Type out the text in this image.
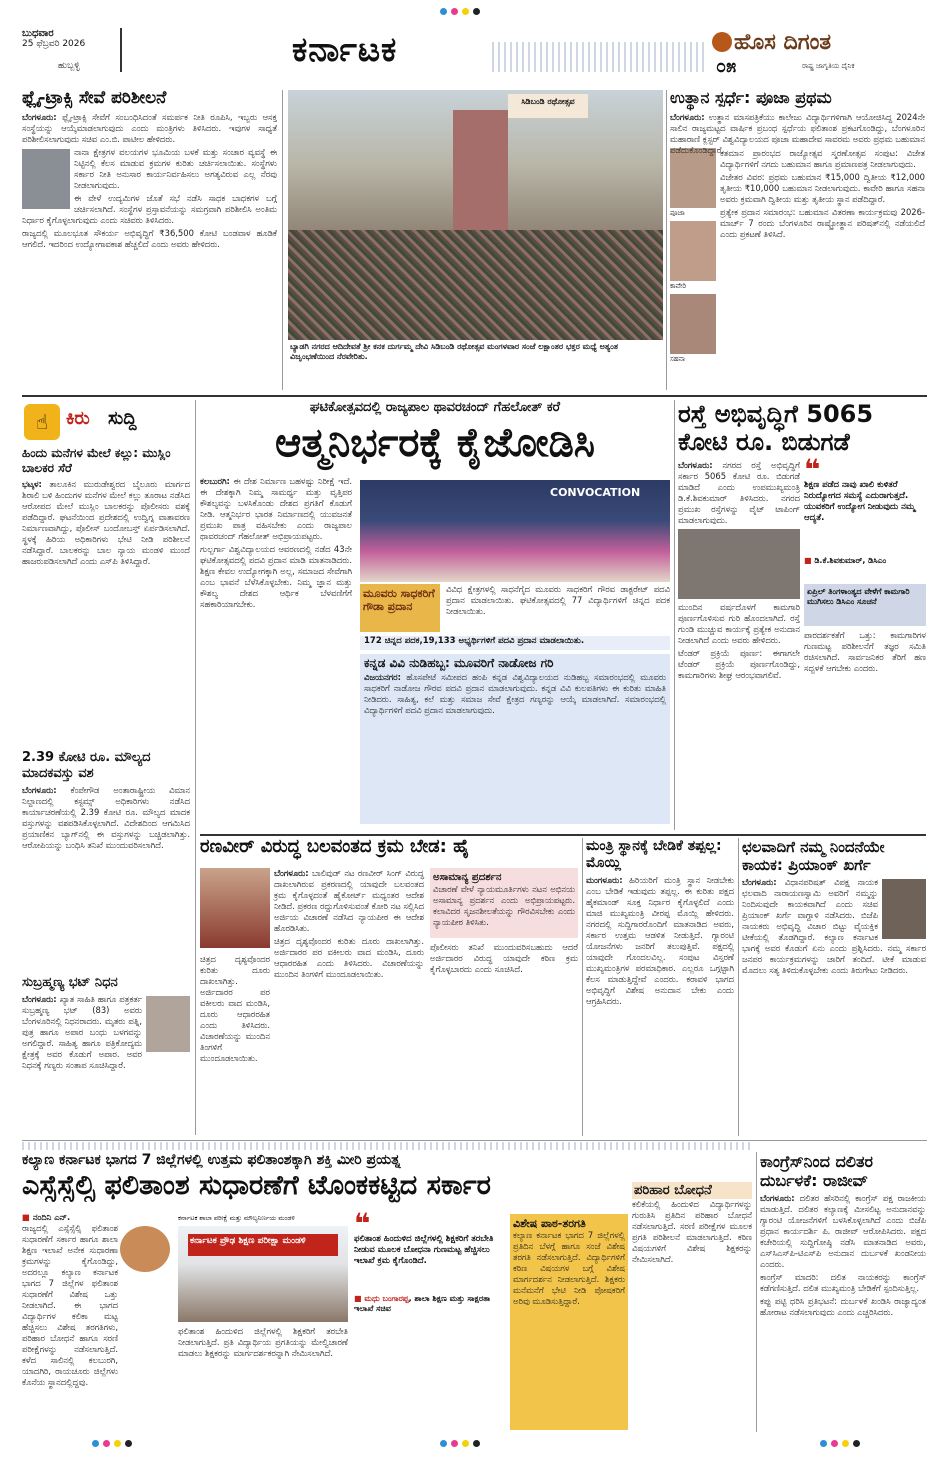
ಬುಧವಾರ
25 ಫೆಬ್ರವರಿ 2026
ಹುಬ್ಬಳ್ಳಿ	ಕರ್ನಾಟಕ	ಹೊಸ ದಿಗಂತ
೦೫	ರಾಷ್ಟ್ರ ಜಾಗೃತಿಯ ದೈನಿಕ
ಫ್ಲೈ-ಟ್ರಾಕ್ಸಿ ಸೇವೆ ಪರಿಶೀಲನೆ

ಬೆಂಗಳೂರು: ಫ್ಲೈ-ಟ್ರಾಕ್ಸಿ ಸೇವೆಗೆ ಸಂಬಂಧಿಸಿದಂತೆ ಸಮರ್ಪಕ ನೀತಿ ರೂಪಿಸಿ, ಇಬ್ಬರು ಆಸಕ್ತ ಸಂಸ್ಥೆಯನ್ನು ಆಯ್ಕೆಮಾಡಲಾಗುವುದು ಎಂದು ಮಂತ್ರಿಗಳು ತಿಳಿಸಿದರು. ಇವುಗಳ ಸಾಧ್ಯತೆ ಪರಿಶೀಲಿಸಲಾಗುವುದು ಸಚಿವ ಎಂ.ಬಿ. ಪಾಟೀಲ ಹೇಳಿದರು.

ನಾನಾ ಕ್ಷೇತ್ರಗಳ ವಲಯಗಳ ಭೂಮಿಯ ಬಳಕೆ ಮತ್ತು ಸಂಚಾರ ವ್ಯವಸ್ಥೆ ಈ ನಿಟ್ಟಿನಲ್ಲಿ ಕೆಲಸ ಮಾಡುವ ಕ್ರಮಗಳ ಕುರಿತು ಚರ್ಚಿಸಲಾಯಿತು. ಸಂಸ್ಥೆಗಳು ಸರ್ಕಾರ ನೀತಿ ಅನುಸಾರ ಕಾರ್ಯನಿರ್ವಹಿಸಲು ಅಗತ್ಯವಿರುವ ಎಲ್ಲ ನೆರವು ನೀಡಲಾಗುವುದು.

ಈ ವೇಳೆ ಉದ್ಯಮಿಗಳ ಜೊತೆ ಸಭೆ ನಡೆಸಿ ಸಾಧಕ ಬಾಧಕಗಳ ಬಗ್ಗೆ ಚರ್ಚಿಸಲಾಗಿದೆ. ಸಂಸ್ಥೆಗಳ ಪ್ರಸ್ತಾವನೆಯನ್ನು ಸಮಗ್ರವಾಗಿ ಪರಿಶೀಲಿಸಿ ಅಂತಿಮ ನಿರ್ಧಾರ ಕೈಗೊಳ್ಳಲಾಗುವುದು ಎಂದು ಸಚಿವರು ತಿಳಿಸಿದರು.

ರಾಜ್ಯದಲ್ಲಿ ಮೂಲಭೂತ ಸೌಕರ್ಯ ಅಭಿವೃದ್ಧಿಗೆ ₹36,500 ಕೋಟಿ ಬಂಡವಾಳ ಹೂಡಿಕೆ ಆಗಲಿದೆ. ಇದರಿಂದ ಉದ್ಯೋಗಾವಕಾಶ ಹೆಚ್ಚಲಿದೆ ಎಂದು ಅವರು ಹೇಳಿದರು.

ಸಿಡಿಬಂಡಿ ರಥೋತ್ಸವ
ಬ್ಯಾಡಗಿ ನಗರದ ಆದಿದೇವತೆ ಶ್ರೀ ಕನಕ ದುರ್ಗಮ್ಮ ದೇವಿ ಸಿಡಿಬಂಡಿ ರಥೋತ್ಸವ ಮಂಗಳವಾರ ಸಂಜೆ ಲಕ್ಷಾಂತರ ಭಕ್ತರ ಮಧ್ಯೆ ಅತ್ಯಂತ ವಿಜೃಂಭಣೆಯಿಂದ ನೆರವೇರಿತು.
ಉತ್ಥಾನ ಸ್ಪರ್ಧೆ: ಪೂಜಾ ಪ್ರಥಮ
ಪೂಜಾ
ಕಾವೇರಿ
ಸಹನಾ

ಬೆಂಗಳೂರು: ಉತ್ಥಾನ ಮಾಸಪತ್ರಿಕೆಯು ಕಾಲೇಜು ವಿದ್ಯಾರ್ಥಿಗಳಿಗಾಗಿ ಆಯೋಜಿಸಿದ್ದ 2024ನೇ ಸಾಲಿನ ರಾಜ್ಯಮಟ್ಟದ ವಾರ್ಷಿಕ ಪ್ರಬಂಧ ಸ್ಪರ್ಧೆಯ ಫಲಿತಾಂಶ ಪ್ರಕಟಗೊಂಡಿದ್ದು, ಬೆಂಗಳೂರಿನ ಮಹಾರಾಣಿ ಕ್ಲಸ್ಟರ್ ವಿಶ್ವವಿದ್ಯಾಲಯದ ಪೂಜಾ ಮಹಾದೇವ ಸಾವರಮ ಅವರು ಪ್ರಥಮ ಬಹುಮಾನ ಪಡೆದುಕೊಂಡಿದ್ದಾರೆ.

ಕತಮಾನ ಪ್ರಾರಂಭದ ರಾಜ್ಯೋತ್ಸವ ಸ್ಮರಣೋತ್ಸವ ಸಂಪುಟ: ವಿಜೇತ ವಿದ್ಯಾರ್ಥಿಗಳಿಗೆ ನಗದು ಬಹುಮಾನ ಹಾಗೂ ಪ್ರಮಾಣಪತ್ರ ನೀಡಲಾಗುವುದು.

ವಿಜೇತರ ವಿವರ: ಪ್ರಥಮ ಬಹುಮಾನ ₹15,000 ದ್ವಿತೀಯ ₹12,000 ತೃತೀಯ ₹10,000 ಬಹುಮಾನ ನೀಡಲಾಗುವುದು. ಕಾವೇರಿ ಹಾಗೂ ಸಹನಾ ಅವರು ಕ್ರಮವಾಗಿ ದ್ವಿತೀಯ ಮತ್ತು ತೃತೀಯ ಸ್ಥಾನ ಪಡೆದಿದ್ದಾರೆ.

ಪ್ರತ್ಯೇಕ ಪ್ರದಾನ ಸಮಾರಂಭ: ಬಹುಮಾನ ವಿತರಣಾ ಕಾರ್ಯಕ್ರಮವು 2026-ಮಾರ್ಚ್ 7 ರಂದು ಬೆಂಗಳೂರಿನ ರಾಷ್ಟ್ರೋತ್ಥಾನ ಪರಿಷತ್‌ನಲ್ಲಿ ನಡೆಯಲಿದೆ ಎಂದು ಪ್ರಕಟಣೆ ತಿಳಿಸಿದೆ.

☝ ಕಿರು ಸುದ್ದಿ
ಹಿಂದು ಮನೆಗಳ ಮೇಲೆ ಕಲ್ಲು: ಮುಸ್ಲಿಂ ಬಾಲಕರ ಸೆರೆ
ಭಟ್ಕಳ: ತಾಲೂಕಿನ ಮುರುಡೇಶ್ವರದ ಬೈಲೂರು ಮಾರ್ಗದ ಶಿರಾಲಿ ಬಳಿ ಹಿಂದುಗಳ ಮನೆಗಳ ಮೇಲೆ ಕಲ್ಲು ತೂರಾಟ ನಡೆಸಿದ ಆರೋಪದ ಮೇಲೆ ಮುಸ್ಲಿಂ ಬಾಲಕರನ್ನು ಪೊಲೀಸರು ವಶಕ್ಕೆ ಪಡೆದಿದ್ದಾರೆ. ಘಟನೆಯಿಂದ ಪ್ರದೇಶದಲ್ಲಿ ಉದ್ವಿಗ್ನ ವಾತಾವರಣ ನಿರ್ಮಾಣವಾಗಿದ್ದು, ಪೊಲೀಸ್ ಬಂದೋಬಸ್ತ್ ಏರ್ಪಡಿಸಲಾಗಿದೆ. ಸ್ಥಳಕ್ಕೆ ಹಿರಿಯ ಅಧಿಕಾರಿಗಳು ಭೇಟಿ ನೀಡಿ ಪರಿಶೀಲನೆ ನಡೆಸಿದ್ದಾರೆ. ಬಾಲಕರನ್ನು ಬಾಲ ನ್ಯಾಯ ಮಂಡಳಿ ಮುಂದೆ ಹಾಜರುಪಡಿಸಲಾಗಿದೆ ಎಂದು ಎಸ್‌ಪಿ ತಿಳಿಸಿದ್ದಾರೆ.
2.39 ಕೋಟಿ ರೂ. ಮೌಲ್ಯದ ಮಾದಕವಸ್ತು ವಶ
ಬೆಂಗಳೂರು: ಕೆಂಪೇಗೌಡ ಅಂತಾರಾಷ್ಟ್ರೀಯ ವಿಮಾನ ನಿಲ್ದಾಣದಲ್ಲಿ ಕಸ್ಟಮ್ಸ್ ಅಧಿಕಾರಿಗಳು ನಡೆಸಿದ ಕಾರ್ಯಾಚರಣೆಯಲ್ಲಿ 2.39 ಕೋಟಿ ರೂ. ಮೌಲ್ಯದ ಮಾದಕ ವಸ್ತುಗಳನ್ನು ವಶಪಡಿಸಿಕೊಳ್ಳಲಾಗಿದೆ. ವಿದೇಶದಿಂದ ಆಗಮಿಸಿದ ಪ್ರಯಾಣಿಕನ ಬ್ಯಾಗ್‌ನಲ್ಲಿ ಈ ವಸ್ತುಗಳನ್ನು ಬಚ್ಚಿಡಲಾಗಿತ್ತು. ಆರೋಪಿಯನ್ನು ಬಂಧಿಸಿ ತನಿಖೆ ಮುಂದುವರಿಸಲಾಗಿದೆ.
ಸುಬ್ರಹ್ಮಣ್ಯ ಭಟ್ ನಿಧನ
ಬೆಂಗಳೂರು: ಖ್ಯಾತ ಸಾಹಿತಿ ಹಾಗೂ ಪತ್ರಕರ್ತ ಸುಬ್ರಹ್ಮಣ್ಯ ಭಟ್ (83) ಅವರು ಬೆಂಗಳೂರಿನಲ್ಲಿ ನಿಧನರಾದರು. ಮೃತರು ಪತ್ನಿ, ಪುತ್ರ ಹಾಗೂ ಅಪಾರ ಬಂಧು ಬಳಗವನ್ನು ಅಗಲಿದ್ದಾರೆ. ಸಾಹಿತ್ಯ ಹಾಗೂ ಪತ್ರಿಕೋದ್ಯಮ ಕ್ಷೇತ್ರಕ್ಕೆ ಅವರ ಕೊಡುಗೆ ಅಪಾರ. ಅವರ ನಿಧನಕ್ಕೆ ಗಣ್ಯರು ಸಂತಾಪ ಸೂಚಿಸಿದ್ದಾರೆ.
ಘಟಿಕೋತ್ಸವದಲ್ಲಿ ರಾಜ್ಯಪಾಲ ಥಾವರಚಂದ್ ಗೆಹಲೋತ್ ಕರೆ
ಆತ್ಮನಿರ್ಭರಕ್ಕೆ ಕೈಜೋಡಿಸಿ

ಕಲಬುರಗಿ: ಈ ದೇಶ ನಿರ್ಮಾಣ ಬಹಳಷ್ಟು ನಿರೀಕ್ಷೆ ಇದೆ. ಈ ದೇಶಕ್ಕಾಗಿ ನಿಮ್ಮ ಸಾಮರ್ಥ್ಯ ಮತ್ತು ವೃತ್ತಿಪರ ಕೌಶಲ್ಯವನ್ನು ಬಳಸಿಕೊಂಡು ದೇಶದ ಪ್ರಗತಿಗೆ ಕೊಡುಗೆ ನೀಡಿ. ಆತ್ಮನಿರ್ಭರ ಭಾರತ ನಿರ್ಮಾಣದಲ್ಲಿ ಯುವಜನತೆ ಪ್ರಮುಖ ಪಾತ್ರ ವಹಿಸಬೇಕು ಎಂದು ರಾಜ್ಯಪಾಲ ಥಾವರಚಂದ್ ಗೆಹಲೋತ್ ಅಭಿಪ್ರಾಯಪಟ್ಟರು.

ಗುಲ್ಬರ್ಗಾ ವಿಶ್ವವಿದ್ಯಾಲಯದ ಆವರಣದಲ್ಲಿ ನಡೆದ 43ನೇ ಘಟಿಕೋತ್ಸವದಲ್ಲಿ ಪದವಿ ಪ್ರದಾನ ಮಾಡಿ ಮಾತನಾಡಿದರು. ಶಿಕ್ಷಣ ಕೇವಲ ಉದ್ಯೋಗಕ್ಕಾಗಿ ಅಲ್ಲ, ಸಮಾಜದ ಸೇವೆಗಾಗಿ ಎಂಬ ಭಾವನೆ ಬೆಳೆಸಿಕೊಳ್ಳಬೇಕು. ನಿಮ್ಮ ಜ್ಞಾನ ಮತ್ತು ಕೌಶಲ್ಯ ದೇಶದ ಆರ್ಥಿಕ ಬೆಳವಣಿಗೆಗೆ ಸಹಕಾರಿಯಾಗಬೇಕು.

CONVOCATION
ಮೂವರು ಸಾಧಕರಿಗೆ ಗೌಡಾ ಪ್ರದಾನ
ವಿವಿಧ ಕ್ಷೇತ್ರಗಳಲ್ಲಿ ಸಾಧನೆಗೈದ ಮೂವರು ಸಾಧಕರಿಗೆ ಗೌರವ ಡಾಕ್ಟರೇಟ್ ಪದವಿ ಪ್ರದಾನ ಮಾಡಲಾಯಿತು. ಘಟಿಕೋತ್ಸವದಲ್ಲಿ 77 ವಿದ್ಯಾರ್ಥಿಗಳಿಗೆ ಚಿನ್ನದ ಪದಕ ನೀಡಲಾಯಿತು.
172 ಚಿನ್ನದ ಪದಕ,19,133 ಅಭ್ಯರ್ಥಿಗಳಿಗೆ ಪದವಿ ಪ್ರದಾನ ಮಾಡಲಾಯಿತು.
ಕನ್ನಡ ವಿವಿ ನುಡಿಹಬ್ಬ: ಮೂವರಿಗೆ ನಾಡೋಜ ಗರಿ
ವಿಜಯನಗರ: ಹೊಸಪೇಟೆ ಸಮೀಪದ ಹಂಪಿ ಕನ್ನಡ ವಿಶ್ವವಿದ್ಯಾಲಯದ ನುಡಿಹಬ್ಬ ಸಮಾರಂಭದಲ್ಲಿ ಮೂವರು ಸಾಧಕರಿಗೆ ನಾಡೋಜ ಗೌರವ ಪದವಿ ಪ್ರದಾನ ಮಾಡಲಾಗುವುದು. ಕನ್ನಡ ವಿವಿ ಕುಲಪತಿಗಳು ಈ ಕುರಿತು ಮಾಹಿತಿ ನೀಡಿದರು. ಸಾಹಿತ್ಯ, ಕಲೆ ಮತ್ತು ಸಮಾಜ ಸೇವೆ ಕ್ಷೇತ್ರದ ಗಣ್ಯರನ್ನು ಆಯ್ಕೆ ಮಾಡಲಾಗಿದೆ. ಸಮಾರಂಭದಲ್ಲಿ ವಿದ್ಯಾರ್ಥಿಗಳಿಗೆ ಪದವಿ ಪ್ರದಾನ ಮಾಡಲಾಗುವುದು.
ರಸ್ತೆ ಅಭಿವೃದ್ಧಿಗೆ 5065 ಕೋಟಿ ರೂ. ಬಿಡುಗಡೆ

ಬೆಂಗಳೂರು: ನಗರದ ರಸ್ತೆ ಅಭಿವೃದ್ಧಿಗೆ ಸರ್ಕಾರ 5065 ಕೋಟಿ ರೂ. ಬಿಡುಗಡೆ ಮಾಡಿದೆ ಎಂದು ಉಪಮುಖ್ಯಮಂತ್ರಿ ಡಿ.ಕೆ.ಶಿವಕುಮಾರ್ ತಿಳಿಸಿದರು. ನಗರದ ಪ್ರಮುಖ ರಸ್ತೆಗಳನ್ನು ವೈಟ್ ಟಾಪಿಂಗ್ ಮಾಡಲಾಗುವುದು.

ಮುಂದಿನ ವರ್ಷದೊಳಗೆ ಕಾಮಗಾರಿ ಪೂರ್ಣಗೊಳಿಸುವ ಗುರಿ ಹೊಂದಲಾಗಿದೆ. ರಸ್ತೆ ಗುಂಡಿ ಮುಚ್ಚುವ ಕಾರ್ಯಕ್ಕೆ ಪ್ರತ್ಯೇಕ ಅನುದಾನ ನೀಡಲಾಗಿದೆ ಎಂದು ಅವರು ಹೇಳಿದರು.

ಟೆಂಡರ್ ಪ್ರಕ್ರಿಯೆ ಪೂರ್ಣ: ಈಗಾಗಲೇ ಟೆಂಡರ್ ಪ್ರಕ್ರಿಯೆ ಪೂರ್ಣಗೊಂಡಿದ್ದು, ಕಾಮಗಾರಿಗಳು ಶೀಘ್ರ ಆರಂಭವಾಗಲಿವೆ.

❝
ಶಿಕ್ಷಣ ಪಡೆದ ನಾವು ಖಾಲಿ ಕುಳಿತರೆ ನಿರುದ್ಯೋಗದ ಸಮಸ್ಯೆ ಎದುರಾಗುತ್ತದೆ. ಯುವಕರಿಗೆ ಉದ್ಯೋಗ ನೀಡುವುದು ನಮ್ಮ ಆದ್ಯತೆ.
■ ಡಿ.ಕೆ.ಶಿವಕುಮಾರ್, ಡಿಸಿಎಂ
ಏಪ್ರಿಲ್ ತಿಂಗಳಾಂತ್ಯದ ವೇಳೆಗೆ ಕಾಮಗಾರಿ ಮುಗಿಸಲು ಡಿಸಿಎಂ ಸೂಚನೆ

ಪಾರದರ್ಶಕತೆಗೆ ಒತ್ತು: ಕಾಮಗಾರಿಗಳ ಗುಣಮಟ್ಟ ಪರಿಶೀಲನೆಗೆ ತಜ್ಞರ ಸಮಿತಿ ರಚಿಸಲಾಗಿದೆ. ಸಾರ್ವಜನಿಕರ ತೆರಿಗೆ ಹಣ ಸದ್ಬಳಕೆ ಆಗಬೇಕು ಎಂದರು.

ರಣವೀರ್ ವಿರುದ್ಧ ಬಲವಂತದ ಕ್ರಮ ಬೇಡ: ಹೈ

ಬೆಂಗಳೂರು: ಬಾಲಿವುಡ್ ನಟ ರಣವೀರ್ ಸಿಂಗ್ ವಿರುದ್ಧ ದಾಖಲಾಗಿರುವ ಪ್ರಕರಣದಲ್ಲಿ ಯಾವುದೇ ಬಲವಂತದ ಕ್ರಮ ಕೈಗೊಳ್ಳದಂತೆ ಹೈಕೋರ್ಟ್ ಮಧ್ಯಂತರ ಆದೇಶ ನೀಡಿದೆ. ಪ್ರಕರಣ ರದ್ದುಗೊಳಿಸುವಂತೆ ಕೋರಿ ನಟ ಸಲ್ಲಿಸಿದ ಅರ್ಜಿಯ ವಿಚಾರಣೆ ನಡೆಸಿದ ನ್ಯಾಯಪೀಠ ಈ ಆದೇಶ ಹೊರಡಿಸಿತು.

ಚಿತ್ರದ ದೃಶ್ಯವೊಂದರ ಕುರಿತು ದೂರು ದಾಖಲಾಗಿತ್ತು. ಅರ್ಜಿದಾರರ ಪರ ವಕೀಲರು ವಾದ ಮಂಡಿಸಿ, ದೂರು ಆಧಾರರಹಿತ ಎಂದು ತಿಳಿಸಿದರು. ವಿಚಾರಣೆಯನ್ನು ಮುಂದಿನ ತಿಂಗಳಿಗೆ ಮುಂದೂಡಲಾಯಿತು.

ಅಸಾಮಾನ್ಯ ಪ್ರದರ್ಶನ
ವಿಚಾರಣೆ ವೇಳೆ ನ್ಯಾಯಮೂರ್ತಿಗಳು ನಟನ ಅಭಿನಯ ಅಸಾಮಾನ್ಯ ಪ್ರದರ್ಶನ ಎಂದು ಅಭಿಪ್ರಾಯಪಟ್ಟರು. ಕಲಾವಿದರ ಸೃಜನಶೀಲತೆಯನ್ನು ಗೌರವಿಸಬೇಕು ಎಂದು ನ್ಯಾಯಪೀಠ ತಿಳಿಸಿತು.

ಪೊಲೀಸರು ತನಿಖೆ ಮುಂದುವರಿಸಬಹುದು ಆದರೆ ಅರ್ಜಿದಾರರ ವಿರುದ್ಧ ಯಾವುದೇ ಕಠಿಣ ಕ್ರಮ ಕೈಗೊಳ್ಳಬಾರದು ಎಂದು ಸೂಚಿಸಿದೆ.

ಚಿತ್ರದ ದೃಶ್ಯವೊಂದರ ಕುರಿತು ದೂರು ದಾಖಲಾಗಿತ್ತು. ಅರ್ಜಿದಾರರ ಪರ ವಕೀಲರು ವಾದ ಮಂಡಿಸಿ, ದೂರು ಆಧಾರರಹಿತ ಎಂದು ತಿಳಿಸಿದರು. ವಿಚಾರಣೆಯನ್ನು ಮುಂದಿನ ತಿಂಗಳಿಗೆ ಮುಂದೂಡಲಾಯಿತು.

ಮಂತ್ರಿ ಸ್ಥಾನಕ್ಕೆ ಬೇಡಿಕೆ ತಪ್ಪಲ್ಲ: ಮೊಯ್ಲಿ
ಮಂಗಳೂರು: ಹಿರಿಯರಿಗೆ ಮಂತ್ರಿ ಸ್ಥಾನ ನೀಡಬೇಕು ಎಂಬ ಬೇಡಿಕೆ ಇಡುವುದು ತಪ್ಪಲ್ಲ. ಈ ಕುರಿತು ಪಕ್ಷದ ಹೈಕಮಾಂಡ್ ಸೂಕ್ತ ನಿರ್ಧಾರ ಕೈಗೊಳ್ಳಲಿದೆ ಎಂದು ಮಾಜಿ ಮುಖ್ಯಮಂತ್ರಿ ವೀರಪ್ಪ ಮೊಯ್ಲಿ ಹೇಳಿದರು. ನಗರದಲ್ಲಿ ಸುದ್ದಿಗಾರರೊಂದಿಗೆ ಮಾತನಾಡಿದ ಅವರು, ಸರ್ಕಾರ ಉತ್ತಮ ಆಡಳಿತ ನೀಡುತ್ತಿದೆ. ಗ್ಯಾರಂಟಿ ಯೋಜನೆಗಳು ಜನರಿಗೆ ತಲುಪುತ್ತಿವೆ. ಪಕ್ಷದಲ್ಲಿ ಯಾವುದೇ ಗೊಂದಲವಿಲ್ಲ. ಸಂಪುಟ ವಿಸ್ತರಣೆ ಮುಖ್ಯಮಂತ್ರಿಗಳ ಪರಮಾಧಿಕಾರ. ಎಲ್ಲರೂ ಒಗ್ಗಟ್ಟಾಗಿ ಕೆಲಸ ಮಾಡುತ್ತಿದ್ದೇವೆ ಎಂದರು. ಕರಾವಳಿ ಭಾಗದ ಅಭಿವೃದ್ಧಿಗೆ ವಿಶೇಷ ಅನುದಾನ ಬೇಕು ಎಂದು ಆಗ್ರಹಿಸಿದರು.
ಛಲವಾದಿಗೆ ನಮ್ಮ ನಿಂದನೆಯೇ ಕಾಯಕ: ಪ್ರಿಯಾಂಕ್ ಖರ್ಗೆ
ಬೆಂಗಳೂರು: ವಿಧಾನಪರಿಷತ್ ವಿಪಕ್ಷ ನಾಯಕ ಛಲವಾದಿ ನಾರಾಯಣಸ್ವಾಮಿ ಅವರಿಗೆ ನಮ್ಮನ್ನು ನಿಂದಿಸುವುದೇ ಕಾಯಕವಾಗಿದೆ ಎಂದು ಸಚಿವ ಪ್ರಿಯಾಂಕ್ ಖರ್ಗೆ ವಾಗ್ದಾಳಿ ನಡೆಸಿದರು. ಬಿಜೆಪಿ ನಾಯಕರು ಅಭಿವೃದ್ಧಿ ವಿಚಾರ ಬಿಟ್ಟು ವೈಯಕ್ತಿಕ ಟೀಕೆಯಲ್ಲಿ ತೊಡಗಿದ್ದಾರೆ. ಕಲ್ಯಾಣ ಕರ್ನಾಟಕ ಭಾಗಕ್ಕೆ ಅವರ ಕೊಡುಗೆ ಏನು ಎಂದು ಪ್ರಶ್ನಿಸಿದರು. ನಮ್ಮ ಸರ್ಕಾರ ಜನಪರ ಕಾರ್ಯಕ್ರಮಗಳನ್ನು ಜಾರಿಗೆ ತಂದಿದೆ. ಟೀಕೆ ಮಾಡುವ ಮೊದಲು ಸತ್ಯ ತಿಳಿದುಕೊಳ್ಳಬೇಕು ಎಂದು ತಿರುಗೇಟು ನೀಡಿದರು.
ಕಲ್ಯಾಣ ಕರ್ನಾಟಕ ಭಾಗದ 7 ಜಿಲ್ಲೆಗಳಲ್ಲಿ ಉತ್ತಮ ಫಲಿತಾಂಶಕ್ಕಾಗಿ ಶಕ್ತಿ ಮೀರಿ ಪ್ರಯತ್ನ
ಎಸ್ಸೆಸ್ಸೆಲ್ಸಿ ಫಲಿತಾಂಶ ಸುಧಾರಣೆಗೆ ಟೊಂಕಕಟ್ಟಿದ ಸರ್ಕಾರ
■ ನಂದಿನಿ ಎನ್.

ರಾಜ್ಯದಲ್ಲಿ ಎಸ್ಸೆಸ್ಸೆಲ್ಸಿ ಫಲಿತಾಂಶ ಸುಧಾರಣೆಗೆ ಸರ್ಕಾರ ಹಾಗೂ ಶಾಲಾ ಶಿಕ್ಷಣ ಇಲಾಖೆ ಅನೇಕ ಸುಧಾರಣಾ ಕ್ರಮಗಳನ್ನು ಕೈಗೊಂಡಿದ್ದು, ಅದರಲ್ಲೂ ಕಲ್ಯಾಣ ಕರ್ನಾಟಕ ಭಾಗದ 7 ಜಿಲ್ಲೆಗಳ ಫಲಿತಾಂಶ ಸುಧಾರಣೆಗೆ ವಿಶೇಷ ಒತ್ತು ನೀಡಲಾಗಿದೆ. ಈ ಭಾಗದ ವಿದ್ಯಾರ್ಥಿಗಳ ಕಲಿಕಾ ಮಟ್ಟ ಹೆಚ್ಚಿಸಲು ವಿಶೇಷ ತರಗತಿಗಳು, ಪರಿಹಾರ ಬೋಧನೆ ಹಾಗೂ ಸರಣಿ ಪರೀಕ್ಷೆಗಳನ್ನು ನಡೆಸಲಾಗುತ್ತಿದೆ. ಕಳೆದ ಸಾಲಿನಲ್ಲಿ ಕಲಬುರಗಿ, ಯಾದಗಿರಿ, ರಾಯಚೂರು ಜಿಲ್ಲೆಗಳು ಕೊನೆಯ ಸ್ಥಾನದಲ್ಲಿದ್ದವು.

ಕರ್ನಾಟಕ ಪ್ರೌಢ ಶಿಕ್ಷಣ ಪರೀಕ್ಷಾ ಮಂಡಳಿ
ಕರ್ನಾಟಕ ಶಾಲಾ ಪರೀಕ್ಷೆ ಮತ್ತು ಮೌಲ್ಯನಿರ್ಣಯ ಮಂಡಳಿ
ಫಲಿತಾಂಶ ಹಿಂದುಳಿದ ಜಿಲ್ಲೆಗಳಲ್ಲಿ ಶಿಕ್ಷಕರಿಗೆ ತರಬೇತಿ ನೀಡಲಾಗುತ್ತಿದೆ. ಪ್ರತಿ ವಿದ್ಯಾರ್ಥಿಯ ಪ್ರಗತಿಯನ್ನು ಮೇಲ್ವಿಚಾರಣೆ ಮಾಡಲು ಶಿಕ್ಷಕರನ್ನು ಮಾರ್ಗದರ್ಶಕರನ್ನಾಗಿ ನೇಮಿಸಲಾಗಿದೆ.
❝
ಫಲಿತಾಂಶ ಹಿಂದುಳಿದ ಜಿಲ್ಲೆಗಳಲ್ಲಿ ಶಿಕ್ಷಕರಿಗೆ ತರಬೇತಿ ನೀಡುವ ಮೂಲಕ ಬೋಧನಾ ಗುಣಮಟ್ಟ ಹೆಚ್ಚಿಸಲು ಇಲಾಖೆ ಕ್ರಮ ಕೈಗೊಂಡಿದೆ.
■ ಮಧು ಬಂಗಾರಪ್ಪ, ಶಾಲಾ ಶಿಕ್ಷಣ ಮತ್ತು ಸಾಕ್ಷರತಾ ಇಲಾಖೆ ಸಚಿವ
ವಿಶೇಷ ಪಾಠ-ತರಗತಿ
ಕಲ್ಯಾಣ ಕರ್ನಾಟಕ ಭಾಗದ 7 ಜಿಲ್ಲೆಗಳಲ್ಲಿ ಪ್ರತಿದಿನ ಬೆಳಗ್ಗೆ ಹಾಗೂ ಸಂಜೆ ವಿಶೇಷ ತರಗತಿ ನಡೆಸಲಾಗುತ್ತಿದೆ. ವಿದ್ಯಾರ್ಥಿಗಳಿಗೆ ಕಠಿಣ ವಿಷಯಗಳ ಬಗ್ಗೆ ವಿಶೇಷ ಮಾರ್ಗದರ್ಶನ ನೀಡಲಾಗುತ್ತಿದೆ. ಶಿಕ್ಷಕರು ಮನೆಮನೆಗೆ ಭೇಟಿ ನೀಡಿ ಪೋಷಕರಿಗೆ ಅರಿವು ಮೂಡಿಸುತ್ತಿದ್ದಾರೆ.
ಪರಿಹಾರ ಬೋಧನೆ
ಕಲಿಕೆಯಲ್ಲಿ ಹಿಂದುಳಿದ ವಿದ್ಯಾರ್ಥಿಗಳನ್ನು ಗುರುತಿಸಿ ಪ್ರತಿದಿನ ಪರಿಹಾರ ಬೋಧನೆ ನಡೆಸಲಾಗುತ್ತಿದೆ. ಸರಣಿ ಪರೀಕ್ಷೆಗಳ ಮೂಲಕ ಪ್ರಗತಿ ಪರಿಶೀಲನೆ ಮಾಡಲಾಗುತ್ತಿದೆ. ಕಠಿಣ ವಿಷಯಗಳಿಗೆ ವಿಶೇಷ ಶಿಕ್ಷಕರನ್ನು ನೇಮಿಸಲಾಗಿದೆ.
ಕಾಂಗ್ರೆಸ್‌ನಿಂದ ದಲಿತರ ದುರ್ಬಳಕೆ: ರಾಜೀವ್

ಬೆಂಗಳೂರು: ದಲಿತರ ಹೆಸರಿನಲ್ಲಿ ಕಾಂಗ್ರೆಸ್ ಪಕ್ಷ ರಾಜಕೀಯ ಮಾಡುತ್ತಿದೆ. ದಲಿತರ ಕಲ್ಯಾಣಕ್ಕೆ ಮೀಸಲಿಟ್ಟ ಅನುದಾನವನ್ನು ಗ್ಯಾರಂಟಿ ಯೋಜನೆಗಳಿಗೆ ಬಳಸಿಕೊಳ್ಳಲಾಗಿದೆ ಎಂದು ಬಿಜೆಪಿ ಪ್ರಧಾನ ಕಾರ್ಯದರ್ಶಿ ಪಿ. ರಾಜೀವ್ ಆರೋಪಿಸಿದರು. ಪಕ್ಷದ ಕಚೇರಿಯಲ್ಲಿ ಸುದ್ದಿಗೋಷ್ಠಿ ನಡೆಸಿ ಮಾತನಾಡಿದ ಅವರು, ಎಸ್‌ಸಿಎಸ್‌ಪಿ-ಟಿಎಸ್‌ಪಿ ಅನುದಾನ ದುರ್ಬಳಕೆ ಖಂಡನೀಯ ಎಂದರು.

ಕಾಂಗ್ರೆಸ್ ಮಾದರಿ: ದಲಿತ ನಾಯಕರನ್ನು ಕಾಂಗ್ರೆಸ್ ಕಡೆಗಣಿಸುತ್ತಿದೆ. ದಲಿತ ಮುಖ್ಯಮಂತ್ರಿ ಬೇಡಿಕೆಗೆ ಸ್ಪಂದಿಸುತ್ತಿಲ್ಲ.

ಕಪ್ಪು ಪಟ್ಟಿ ಧರಿಸಿ ಪ್ರತಿಭಟನೆ: ದುರ್ಬಳಕೆ ಖಂಡಿಸಿ ರಾಜ್ಯಾದ್ಯಂತ ಹೋರಾಟ ನಡೆಸಲಾಗುವುದು ಎಂದು ಎಚ್ಚರಿಸಿದರು.
